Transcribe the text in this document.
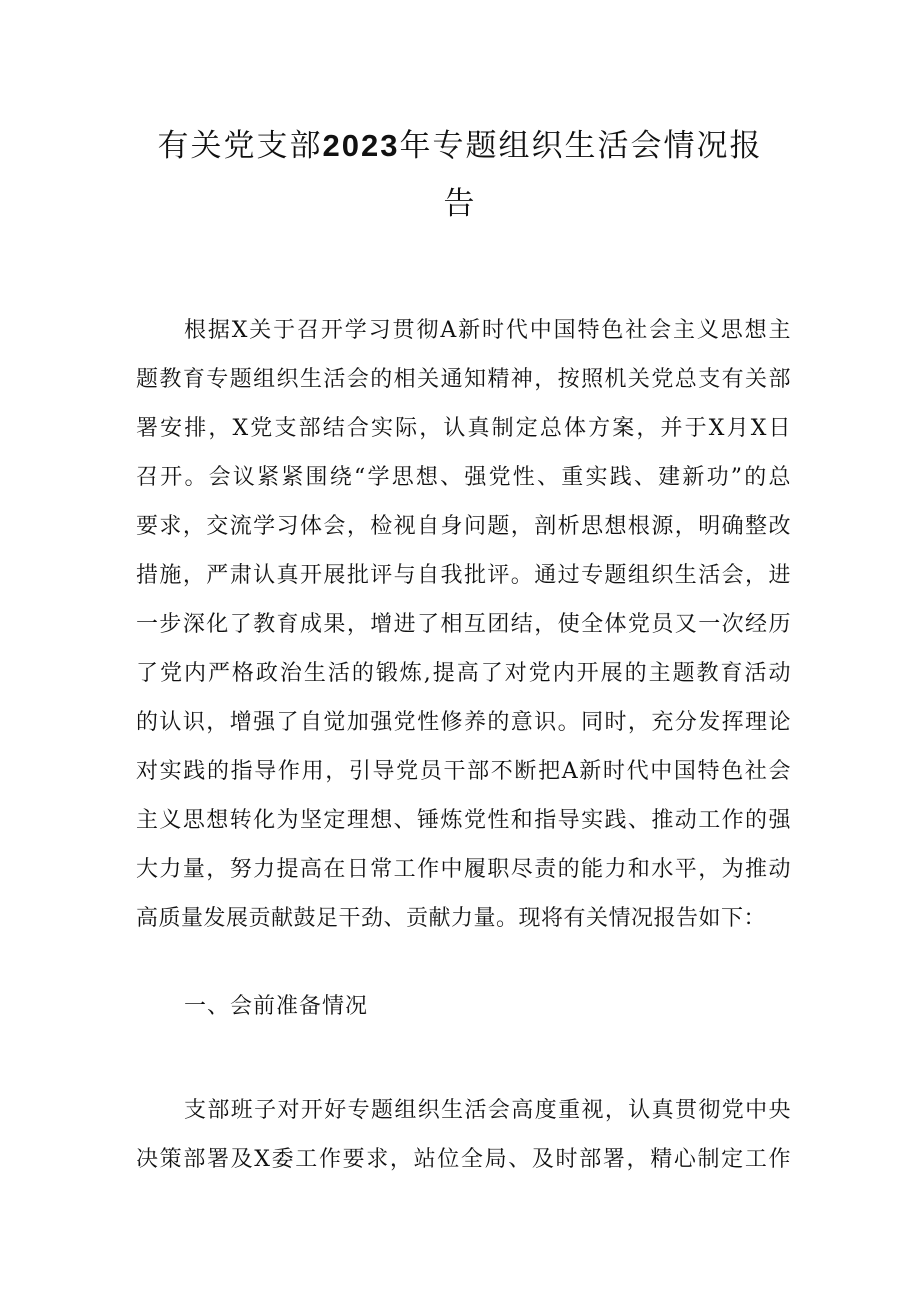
有关党支部2023年专题组织生活会情况报
告
根据X关于召开学习贯彻A新时代中国特色社会主义思想主
题教育专题组织生活会的相关通知精神，按照机关党总支有关部
署安排，X党支部结合实际，认真制定总体方案，并于X月X日
召开。会议紧紧围绕“学思想、强党性、重实践、建新功”的总
要求，交流学习体会，检视自身问题，剖析思想根源，明确整改
措施，严肃认真开展批评与自我批评。通过专题组织生活会，进
一步深化了教育成果，增进了相互团结，使全体党员又一次经历
了党内严格政治生活的锻炼,提高了对党内开展的主题教育活动
的认识，增强了自觉加强党性修养的意识。同时，充分发挥理论
对实践的指导作用，引导党员干部不断把A新时代中国特色社会
主义思想转化为坚定理想、锤炼党性和指导实践、推动工作的强
大力量，努力提高在日常工作中履职尽责的能力和水平，为推动
高质量发展贡献鼓足干劲、贡献力量。现将有关情况报告如下：
一、会前准备情况
支部班子对开好专题组织生活会高度重视，认真贯彻党中央
决策部署及X委工作要求，站位全局、及时部署，精心制定工作
